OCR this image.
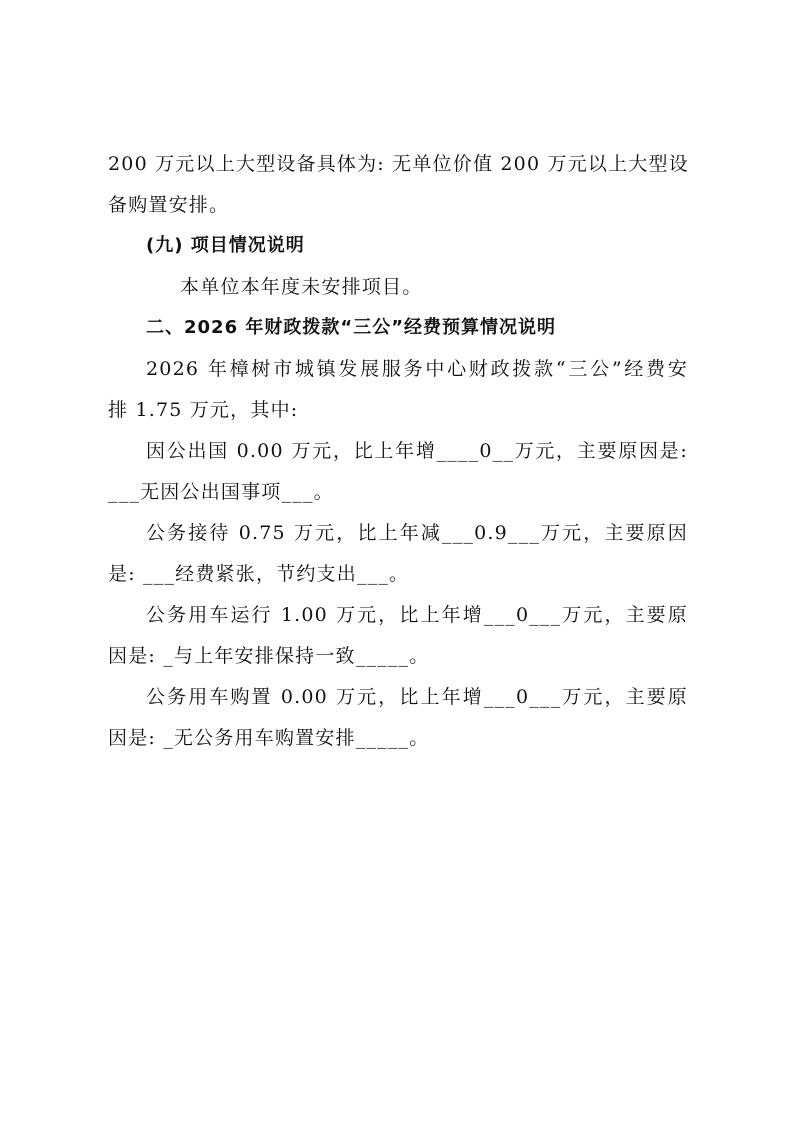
200 万元以上大型设备具体为: 无单位价值 200 万元以上大型设
备购置安排。
(九) 项目情况说明
本单位本年度未安排项目。
二、2026 年财政拨款“三公”经费预算情况说明
2026 年樟树市城镇发展服务中心财政拨款“三公”经费安
排 1.75 万元，其中:
因公出国 0.00 万元，比上年增____0__万元，主要原因是:
___无因公出国事项___。
公务接待 0.75 万元，比上年减___0.9___万元，主要原因
是: ___经费紧张，节约支出___。
公务用车运行 1.00 万元，比上年增___0___万元，主要原
因是: _与上年安排保持一致_____。
公务用车购置 0.00 万元，比上年增___0___万元，主要原
因是: _无公务用车购置安排_____。
